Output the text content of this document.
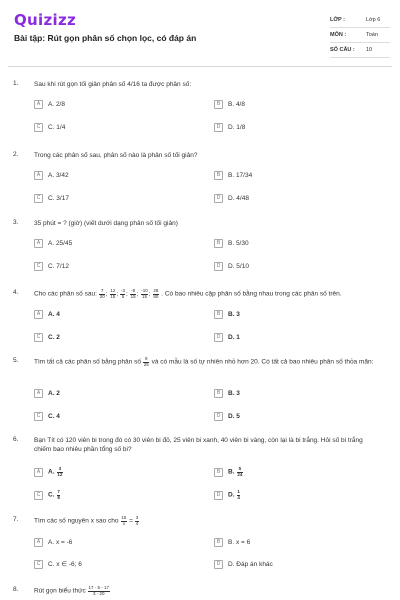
Quizizz
Bài tập: Rút gọn phân số chọn lọc, có đáp án
LỚP :	Lớp 6
MÔN :	Toán
SỐ CÂU : 10
1. Sau khi rút gọn tối giản phân số 4/16 ta được phân số:
A	A. 2/8	B	B. 4/8
C	C. 1/4	D	D. 1/8
2. Trong các phân số sau, phân số nào là phân số tối giản?
A	A. 3/42	B	B. 17/34
C	C. 3/17	D	D. 4/48
3. 35 phút = ? (giờ) (viết dưới dạng phân số tối giản)
A	A. 25/45	B	B. 5/30
C	C. 7/12	D	D. 5/10
4. Cho các phân số sau: $\frac{7}{20}$ ; $\frac{12}{15}$ ; $\frac{-3}{5}$ ; $\frac{-8}{15}$ ; $\frac{-10}{15}$ ; $\frac{28}{80}$ . Có bao nhiêu cặp phân số bằng nhau trong các phân số trên.
A	A. 4	B	B. 3
C	C. 2	D	D. 1
5. Tìm tất cả các phân số bằng phân số $\frac{9}{25}$ và có mẫu là số tự nhiên nhỏ hơn 20. Có tất cả bao nhiêu phân số thỏa mãn:
A	A. 2	B	B. 3
C	C. 4	D	D. 5
6. Bạn Tít có 120 viên bi trong đó có 30 viên bi đỏ, 25 viên bi xanh, 40 viên bi vàng, còn lại là bi trắng. Hỏi số bi trắng chiếm bao nhiêu phần tổng số bi?
A	A. $\frac{3}{12}$	B	B. $\frac{5}{24}$
C	C. $\frac{7}{8}$	D	D. $\frac{1}{4}$
7. Tìm các số nguyên x sao cho $\frac{15}{x} = \frac{3}{4}$
A	A. x = -6	B	B. x = 6
C	C. x ∈ -6; 6	D	D. Đáp án khác
8. Rút gọn biểu thức $\frac{17 \cdot 5 - 17}{3 \cdot 20}$
